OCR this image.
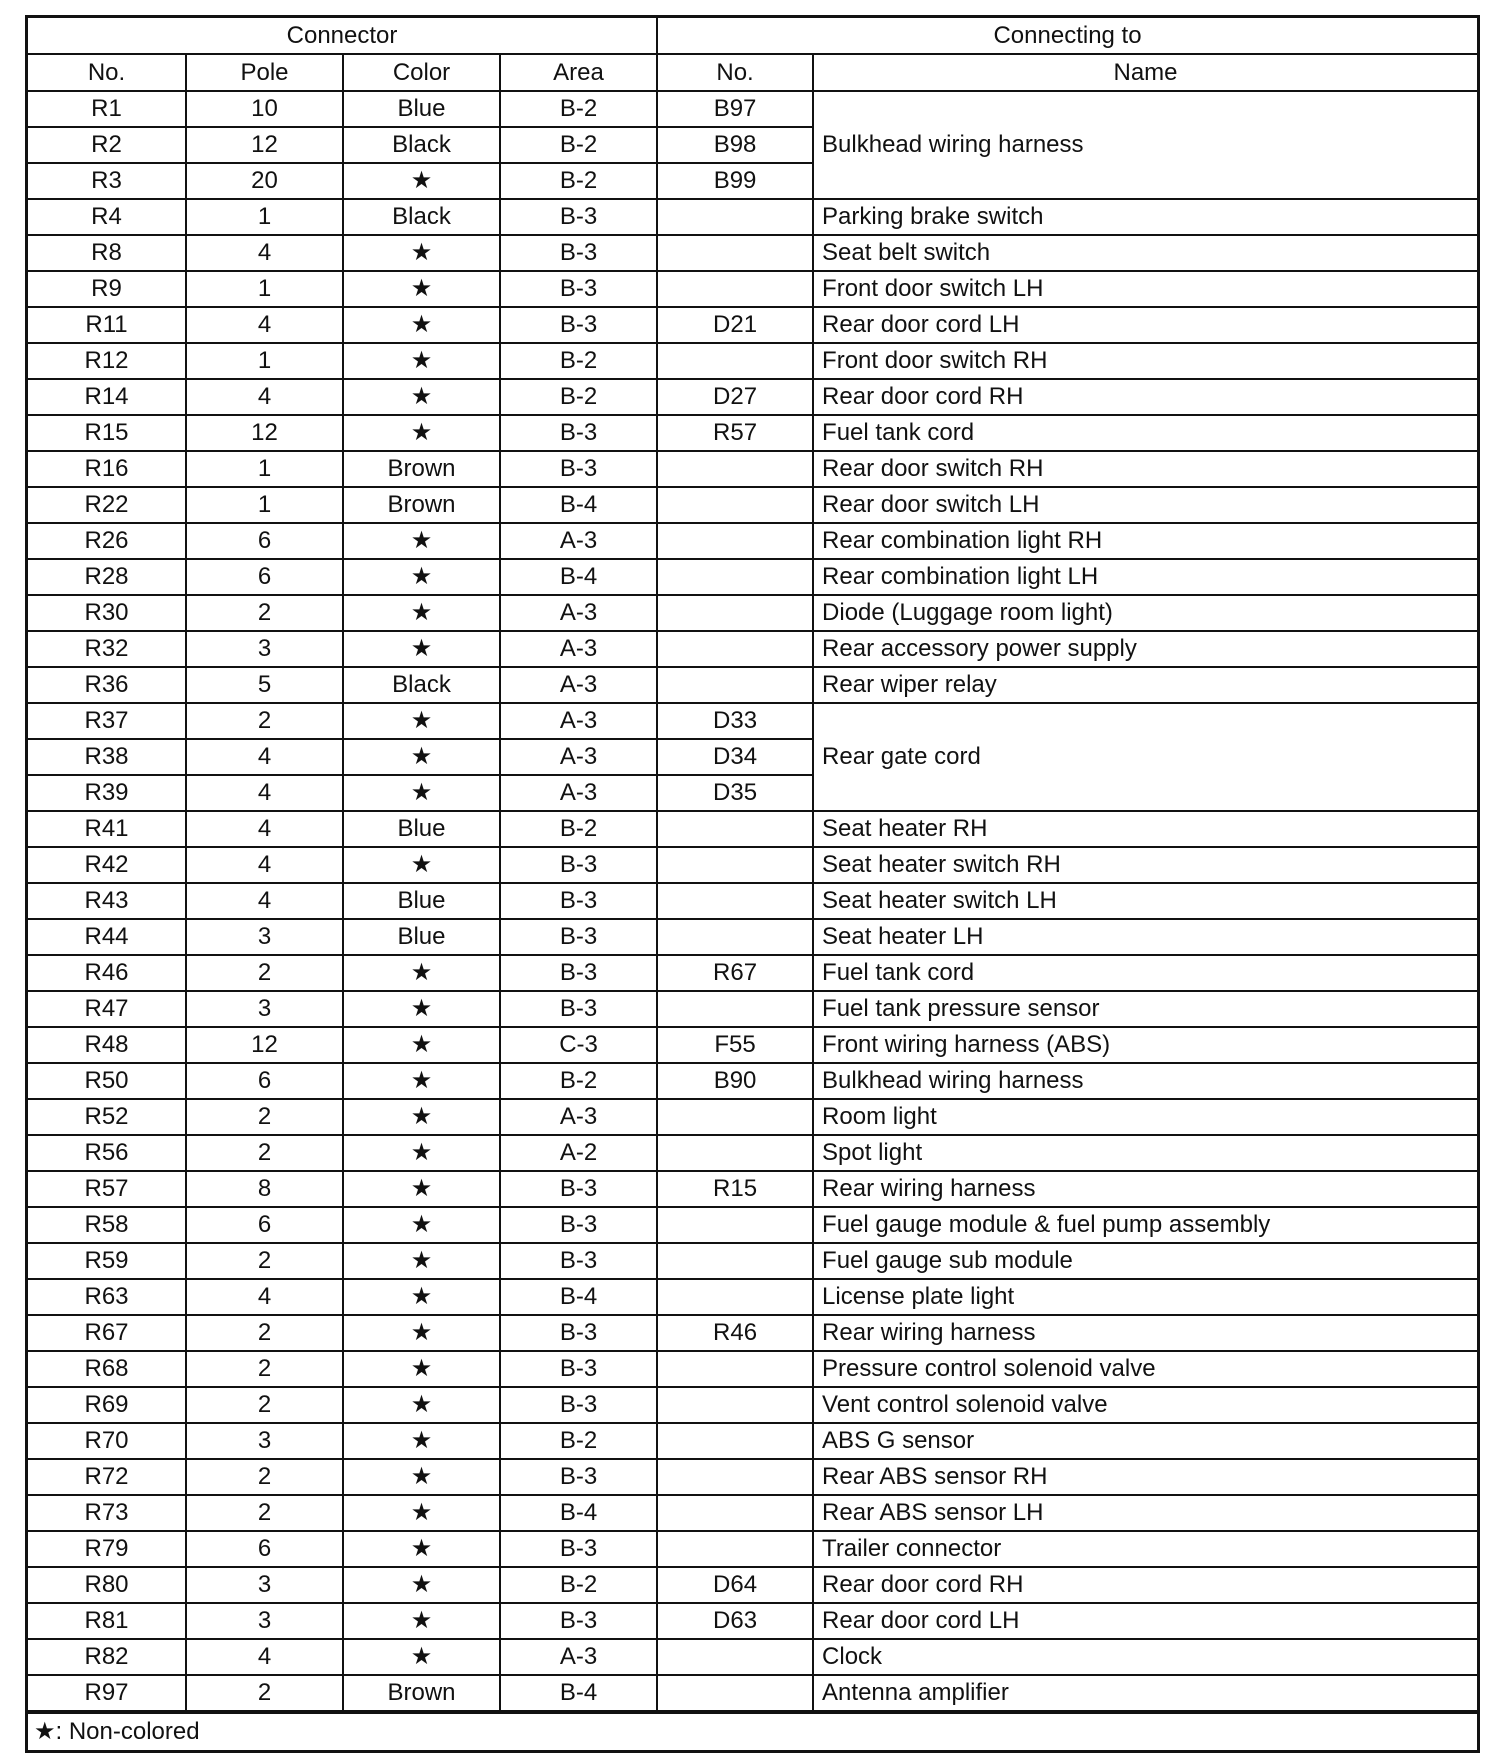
Connector				Connecting to	
No.	Pole	Color	Area	No.	Name
R1	10	Blue	B-2	B97	Bulkhead wiring harness
R2	12	Black	B-2	B98	
R3	20	★	B-2	B99	
R4	1	Black	B-3		Parking brake switch
R8	4	★	B-3		Seat belt switch
R9	1	★	B-3		Front door switch LH
R11	4	★	B-3	D21	Rear door cord LH
R12	1	★	B-2		Front door switch RH
R14	4	★	B-2	D27	Rear door cord RH
R15	12	★	B-3	R57	Fuel tank cord
R16	1	Brown	B-3		Rear door switch RH
R22	1	Brown	B-4		Rear door switch LH
R26	6	★	A-3		Rear combination light RH
R28	6	★	B-4		Rear combination light LH
R30	2	★	A-3		Diode (Luggage room light)
R32	3	★	A-3		Rear accessory power supply
R36	5	Black	A-3		Rear wiper relay
R37	2	★	A-3	D33	Rear gate cord
R38	4	★	A-3	D34	
R39	4	★	A-3	D35	
R41	4	Blue	B-2		Seat heater RH
R42	4	★	B-3		Seat heater switch RH
R43	4	Blue	B-3		Seat heater switch LH
R44	3	Blue	B-3		Seat heater LH
R46	2	★	B-3	R67	Fuel tank cord
R47	3	★	B-3		Fuel tank pressure sensor
R48	12	★	C-3	F55	Front wiring harness (ABS)
R50	6	★	B-2	B90	Bulkhead wiring harness
R52	2	★	A-3		Room light
R56	2	★	A-2		Spot light
R57	8	★	B-3	R15	Rear wiring harness
R58	6	★	B-3		Fuel gauge module & fuel pump assembly
R59	2	★	B-3		Fuel gauge sub module
R63	4	★	B-4		License plate light
R67	2	★	B-3	R46	Rear wiring harness
R68	2	★	B-3		Pressure control solenoid valve
R69	2	★	B-3		Vent control solenoid valve
R70	3	★	B-2		ABS G sensor
R72	2	★	B-3		Rear ABS sensor RH
R73	2	★	B-4		Rear ABS sensor LH
R79	6	★	B-3		Trailer connector
R80	3	★	B-2	D64	Rear door cord RH
R81	3	★	B-3	D63	Rear door cord LH
R82	4	★	A-3		Clock
R97	2	Brown	B-4		Antenna amplifier
★: Non-colored
